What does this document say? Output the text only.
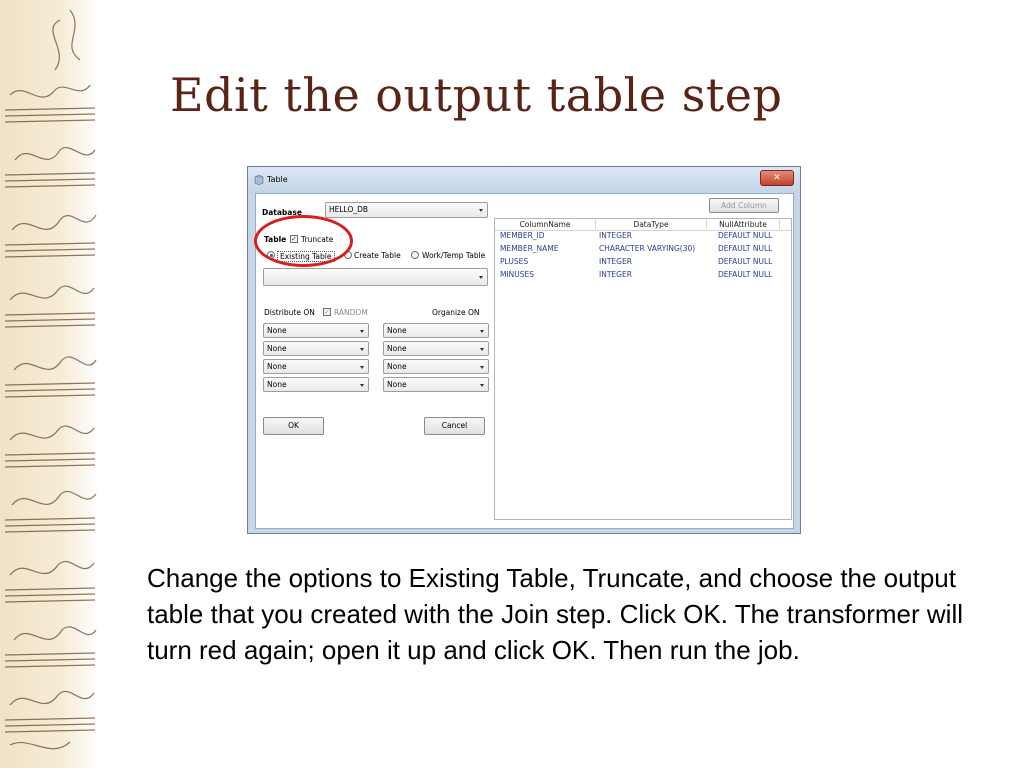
Edit the output table step
Table	✕
Database	HELLO_DB
Table ✓ Truncate
Existing Table	Create Table	Work/Temp Table
Distribute ON ✓ RANDOM	Organize ON
None	None
None	None
None	None
None	None
OK	Cancel
Add Column
ColumnName	DataType	NullAttribute
MEMBER_ID	INTEGER	DEFAULT NULL
MEMBER_NAME	CHARACTER VARYING(30)	DEFAULT NULL
PLUSES	INTEGER	DEFAULT NULL
MINUSES	INTEGER	DEFAULT NULL
Change the options to Existing Table, Truncate, and choose the output table that you created with the Join step. Click OK. The transformer will turn red again; open it up and click OK. Then run the job.
